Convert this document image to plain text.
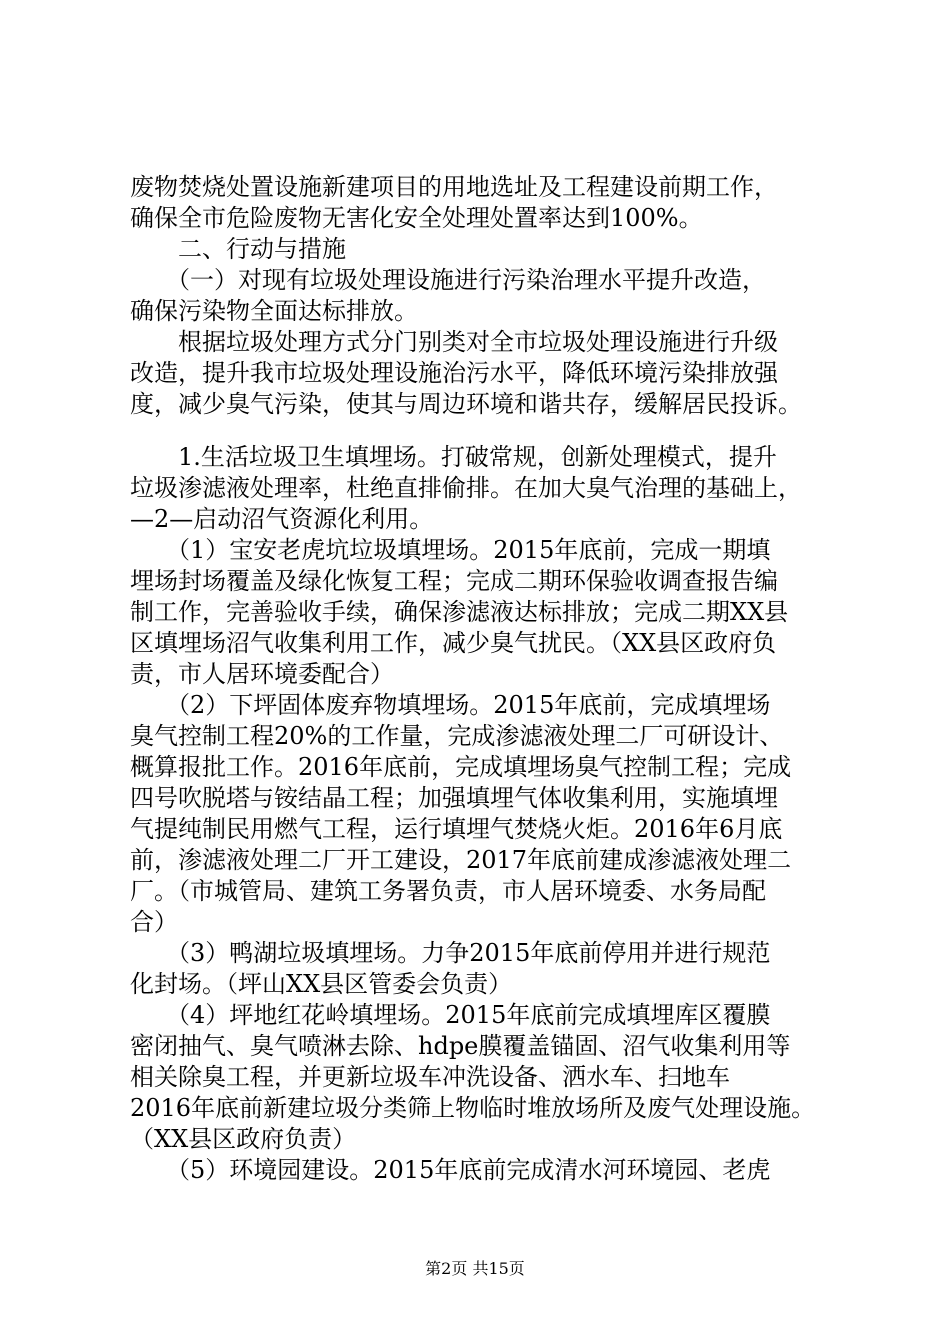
废物焚烧处置设施新建项目的用地选址及工程建设前期工作，
确保全市危险废物无害化安全处理处置率达到100%。
　　二、行动与措施
　　（一）对现有垃圾处理设施进行污染治理水平提升改造，
确保污染物全面达标排放。
　　根据垃圾处理方式分门别类对全市垃圾处理设施进行升级
改造，提升我市垃圾处理设施治污水平，降低环境污染排放强
度，减少臭气污染，使其与周边环境和谐共存，缓解居民投诉。
　　1.生活垃圾卫生填埋场。打破常规，创新处理模式，提升
垃圾渗滤液处理率，杜绝直排偷排。在加大臭气治理的基础上，
—2—启动沼气资源化利用。
　　（1）宝安老虎坑垃圾填埋场。2015年底前，完成一期填
埋场封场覆盖及绿化恢复工程；完成二期环保验收调查报告编
制工作，完善验收手续，确保渗滤液达标排放；完成二期XX县
区填埋场沼气收集利用工作，减少臭气扰民。（XX县区政府负
责，市人居环境委配合）
　　（2）下坪固体废弃物填埋场。2015年底前，完成填埋场
臭气控制工程20%的工作量，完成渗滤液处理二厂可研设计、
概算报批工作。2016年底前，完成填埋场臭气控制工程；完成
四号吹脱塔与铵结晶工程；加强填埋气体收集利用，实施填埋
气提纯制民用燃气工程，运行填埋气焚烧火炬。2016年6月底
前，渗滤液处理二厂开工建设，2017年底前建成渗滤液处理二
厂。（市城管局、建筑工务署负责，市人居环境委、水务局配
合）
　　（3）鸭湖垃圾填埋场。力争2015年底前停用并进行规范
化封场。（坪山XX县区管委会负责）
　　（4）坪地红花岭填埋场。2015年底前完成填埋库区覆膜
密闭抽气、臭气喷淋去除、hdpe膜覆盖锚固、沼气收集利用等
相关除臭工程，并更新垃圾车冲洗设备、洒水车、扫地车
2016年底前新建垃圾分类筛上物临时堆放场所及废气处理设施。
（XX县区政府负责）
　　（5）环境园建设。2015年底前完成清水河环境园、老虎
第2页 共15页
